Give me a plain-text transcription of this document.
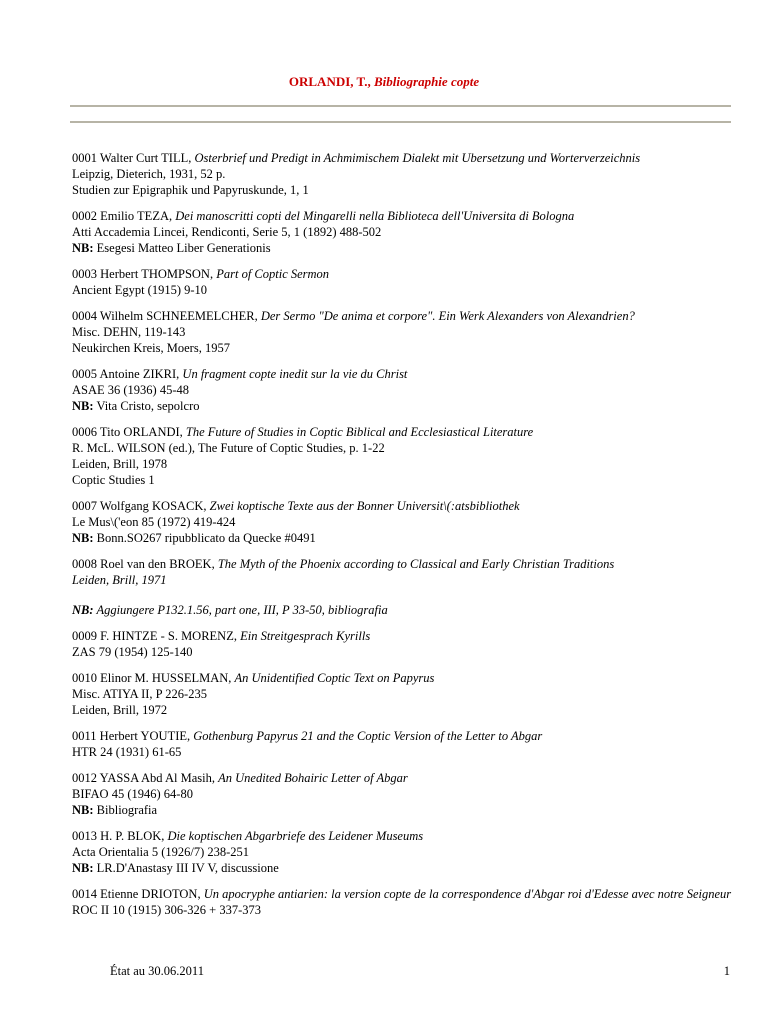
ORLANDI, T., Bibliographie copte
0001 Walter Curt TILL, Osterbrief und Predigt in Achmimischem Dialekt mit Ubersetzung und Worterverzeichnis
Leipzig, Dieterich, 1931, 52 p.
Studien zur Epigraphik und Papyruskunde, 1, 1
0002 Emilio TEZA, Dei manoscritti copti del Mingarelli nella Biblioteca dell'Universita di Bologna
Atti Accademia Lincei, Rendiconti, Serie 5, 1 (1892) 488-502
NB: Esegesi Matteo Liber Generationis
0003 Herbert THOMPSON, Part of Coptic Sermon
Ancient Egypt (1915) 9-10
0004 Wilhelm SCHNEEMELCHER, Der Sermo "De anima et corpore". Ein Werk Alexanders von Alexandrien?
Misc. DEHN, 119-143
Neukirchen Kreis, Moers, 1957
0005 Antoine ZIKRI, Un fragment copte inedit sur la vie du Christ
ASAE 36 (1936) 45-48
NB: Vita Cristo, sepolcro
0006 Tito ORLANDI, The Future of Studies in Coptic Biblical and Ecclesiastical Literature
R. McL. WILSON (ed.), The Future of Coptic Studies, p. 1-22
Leiden, Brill, 1978
Coptic Studies 1
0007 Wolfgang KOSACK, Zwei koptische Texte aus der Bonner Universit\(:atsbibliothek
Le Mus\('eon 85 (1972) 419-424
NB: Bonn.SO267 ripubblicato da Quecke #0491
0008 Roel van den BROEK, The Myth of the Phoenix according to Classical and Early Christian Traditions
Leiden, Brill, 1971
NB: Aggiungere P132.1.56, part one, III, P 33-50, bibliografia
0009 F. HINTZE - S. MORENZ, Ein Streitgesprach Kyrills
ZAS 79 (1954) 125-140
0010 Elinor M. HUSSELMAN, An Unidentified Coptic Text on Papyrus
Misc. ATIYA II, P 226-235
Leiden, Brill, 1972
0011 Herbert YOUTIE, Gothenburg Papyrus 21 and the Coptic Version of the Letter to Abgar
HTR 24 (1931) 61-65
0012 YASSA Abd Al Masih, An Unedited Bohairic Letter of Abgar
BIFAO 45 (1946) 64-80
NB: Bibliografia
0013 H. P. BLOK, Die koptischen Abgarbriefe des Leidener Museums
Acta Orientalia 5 (1926/7) 238-251
NB: LR.D'Anastasy III IV V, discussione
0014 Etienne DRIOTON, Un apocryphe antiarien: la version copte de la correspondence d'Abgar roi d'Edesse avec notre Seigneur
ROC II 10 (1915) 306-326 + 337-373
État au 30.06.2011	1
